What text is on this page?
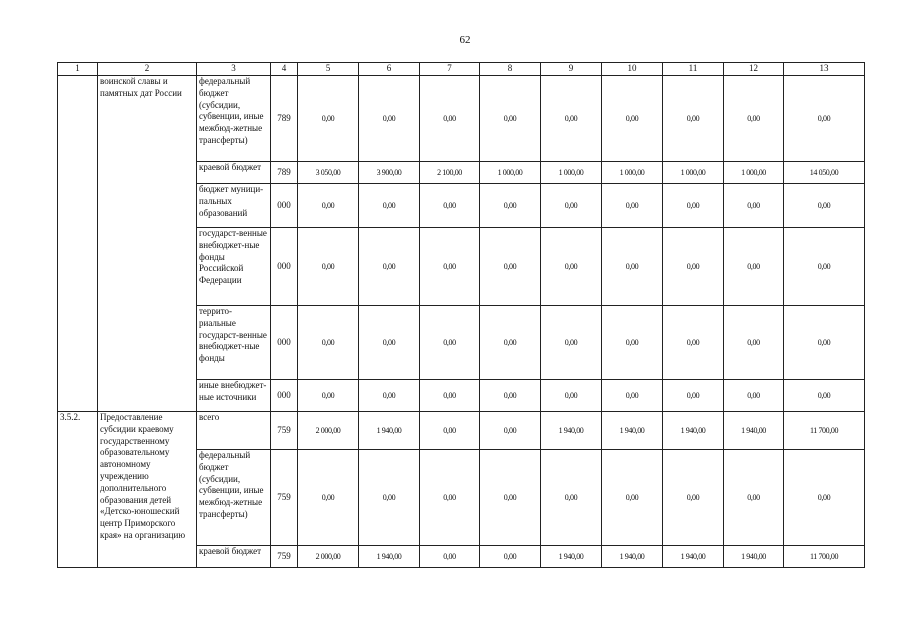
62
1	2	3	4	5	6	7	8	9	10	11	12	13
	воинской славы и памятных дат России	федеральный бюджет (субсидии, субвенции, иные межбюд-жетные трансферты)	789	0,00	0,00	0,00	0,00	0,00	0,00	0,00	0,00	0,00
		краевой бюджет	789	3 050,00	3 900,00	2 100,00	1 000,00	1 000,00	1 000,00	1 000,00	1 000,00	14 050,00
		бюджет муници-пальных образований	000	0,00	0,00	0,00	0,00	0,00	0,00	0,00	0,00	0,00
		государст-венные внебюджет-ные фонды Российской Федерации	000	0,00	0,00	0,00	0,00	0,00	0,00	0,00	0,00	0,00
		террито-риальные государст-венные внебюджет-ные фонды	000	0,00	0,00	0,00	0,00	0,00	0,00	0,00	0,00	0,00
		иные внебюджет-ные источники	000	0,00	0,00	0,00	0,00	0,00	0,00	0,00	0,00	0,00
3.5.2.	Предоставление субсидии краевому государственному образовательному автономному учреждению дополнительного образования детей «Детско-юношеский центр Приморского края» на организацию	всего	759	2 000,00	1 940,00	0,00	0,00	1 940,00	1 940,00	1 940,00	1 940,00	11 700,00
		федеральный бюджет (субсидии, субвенции, иные межбюд-жетные трансферты)	759	0,00	0,00	0,00	0,00	0,00	0,00	0,00	0,00	0,00
		краевой бюджет	759	2 000,00	1 940,00	0,00	0,00	1 940,00	1 940,00	1 940,00	1 940,00	11 700,00
